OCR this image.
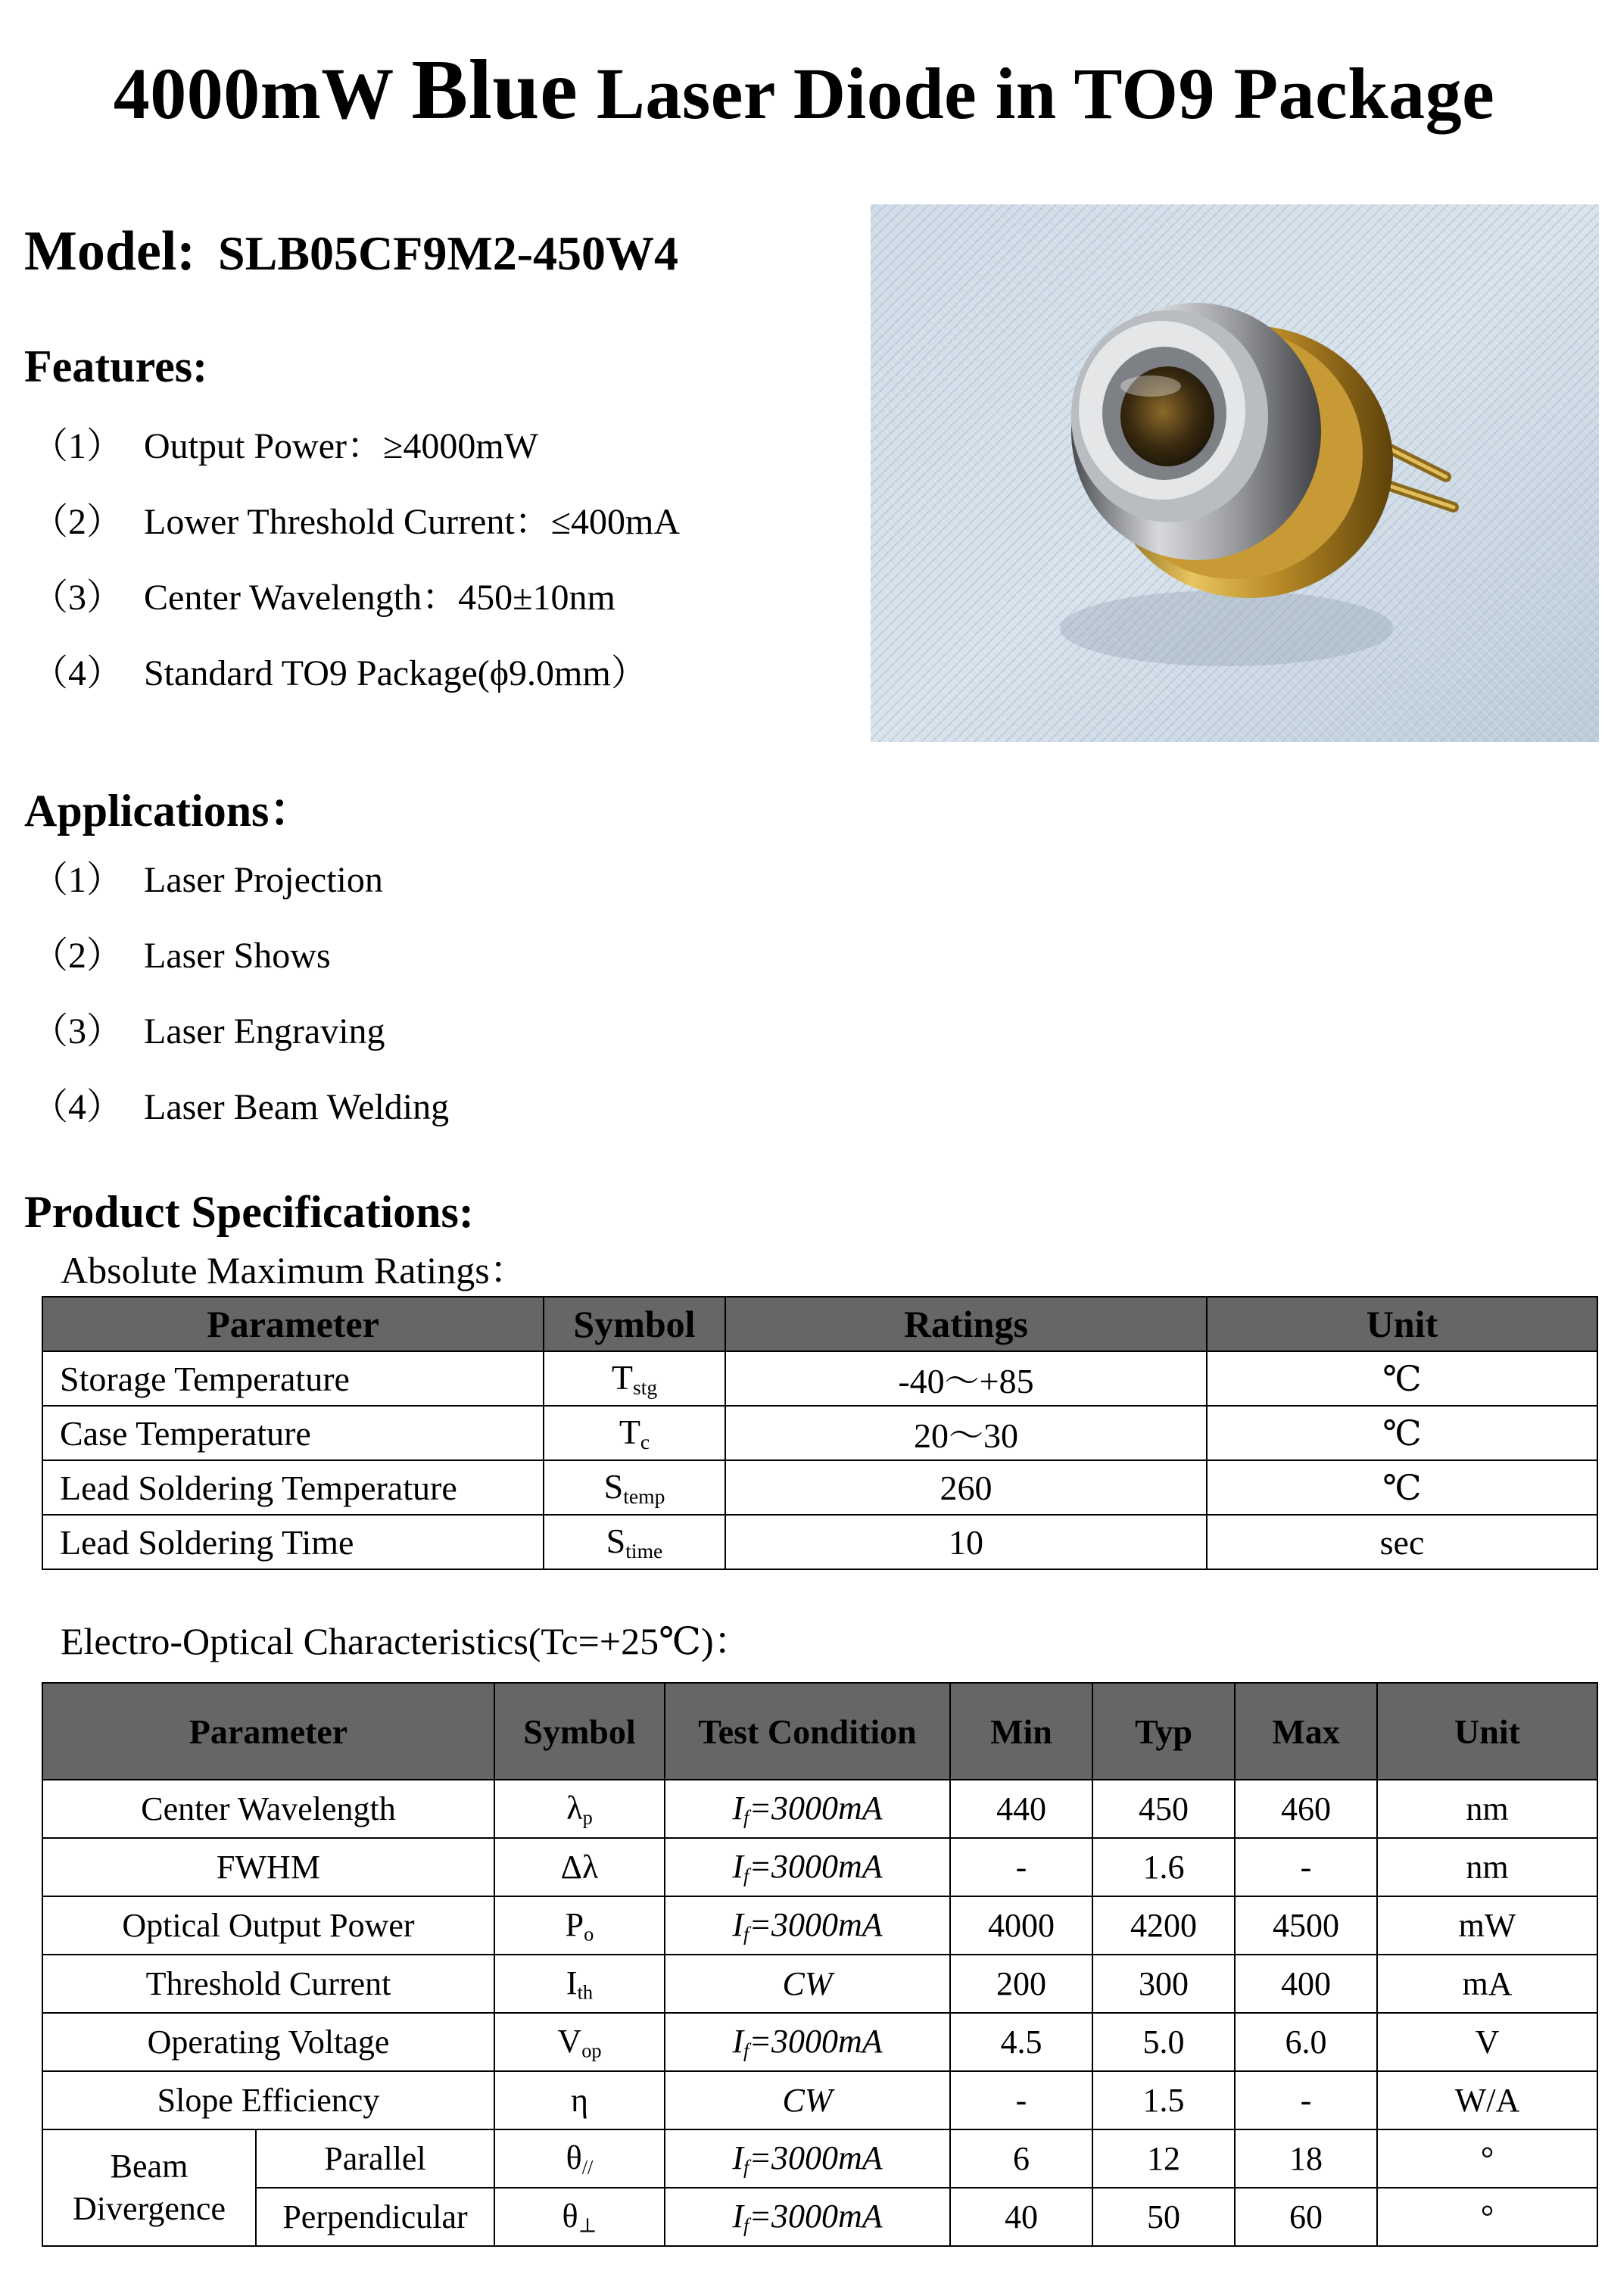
4000mW Blue Laser Diode in TO9 Package
Model: SLB05CF9M2-450W4
Features:
（1） Output Power：≥4000mW
（2） Lower Threshold Current：≤400mA
（3） Center Wavelength：450±10nm
（4） Standard TO9 Package(ϕ9.0mm）
Applications：
（1） Laser Projection
（2） Laser Shows
（3） Laser Engraving
（4） Laser Beam Welding
Product Specifications:
Absolute Maximum Ratings：
Parameter	Symbol	Ratings	Unit
Storage Temperature	$T_{stg}$	-40～+85	℃
Case Temperature	$T_c$	20～30	℃
Lead Soldering Temperature	$S_{temp}$	260	℃
Lead Soldering Time	$S_{time}$	10	sec
Electro-Optical Characteristics(Tc=+25℃)：
Parameter		Symbol	Test Condition	Min	Typ	Max	Unit
Center Wavelength		$\lambda_p$	$I_f=3000mA$	440	450	460	nm
FWHM		Δλ	$I_f=3000mA$	-	1.6	-	nm
Optical Output Power		$P_o$	$I_f=3000mA$	4000	4200	4500	mW
Threshold Current		$I_{th}$	CW	200	300	400	mA
Operating Voltage		$V_{op}$	$I_f=3000mA$	4.5	5.0	6.0	V
Slope Efficiency		η	CW	-	1.5	-	W/A
Beam Divergence	Parallel	$\theta_{//}$	$I_f=3000mA$	6	12	18	°
	Perpendicular	$\theta_\perp$	$I_f=3000mA$	40	50	60	°
